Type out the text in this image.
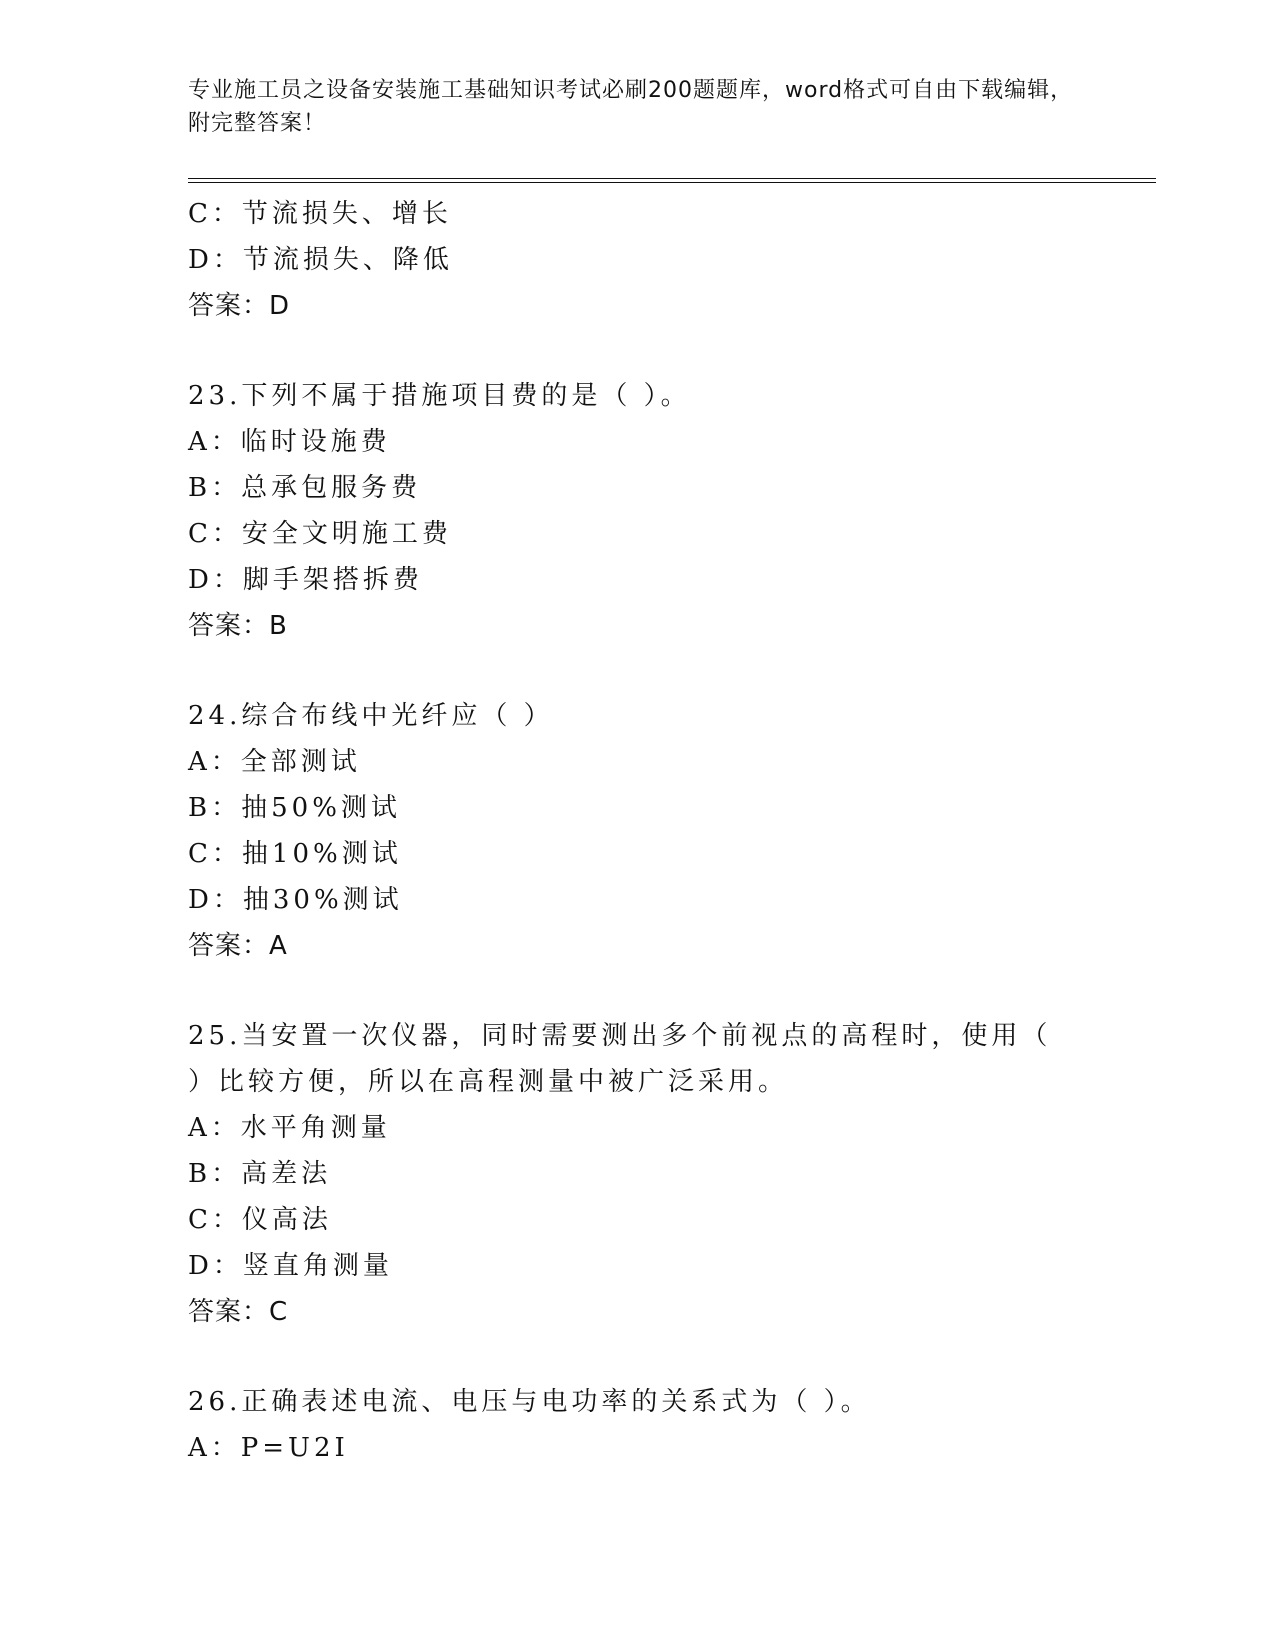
专业施工员之设备安装施工基础知识考试必刷200题题库，word格式可自由下载编辑，附完整答案！
C：节流损失、增长
D：节流损失、降低
答案：D
23.下列不属于措施项目费的是（ ）。
A：临时设施费
B：总承包服务费
C：安全文明施工费
D：脚手架搭拆费
答案：B
24.综合布线中光纤应（ ）
A：全部测试
B：抽50%测试
C：抽10%测试
D：抽30%测试
答案：A
25.当安置一次仪器，同时需要测出多个前视点的高程时，使用（ ）比较方便，所以在高程测量中被广泛采用。
A：水平角测量
B：高差法
C：仪高法
D：竖直角测量
答案：C
26.正确表述电流、电压与电功率的关系式为（ ）。
A：P=U2I
